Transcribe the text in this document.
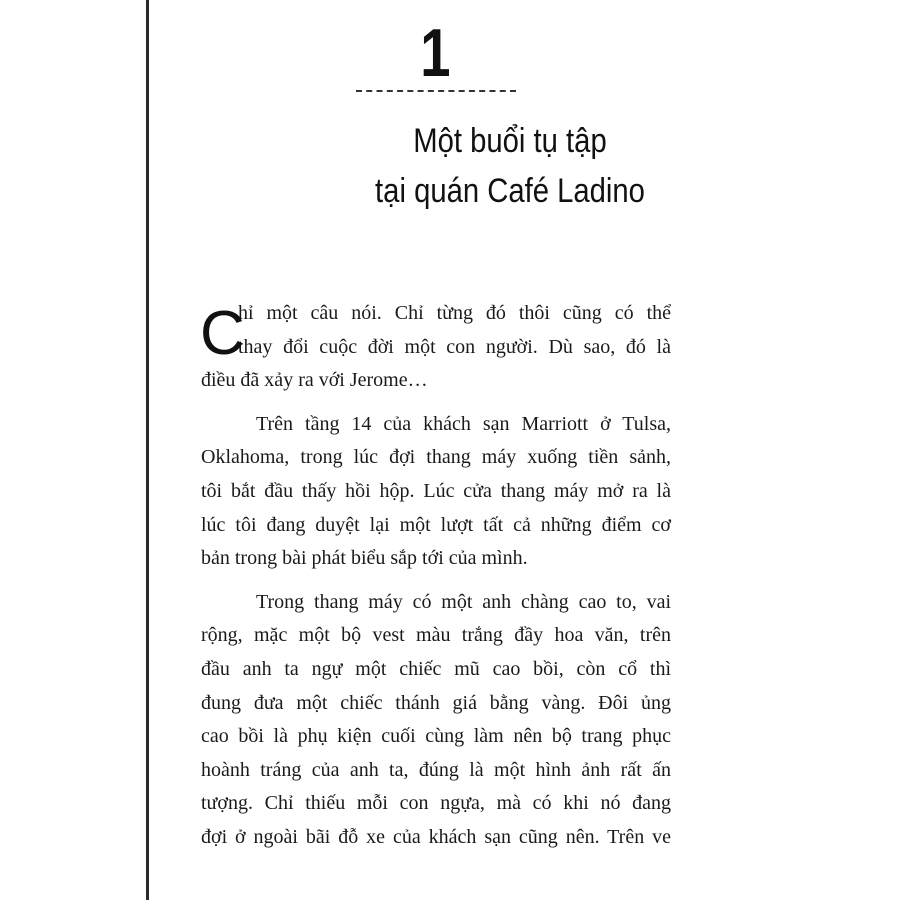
1
Một buổi tụ tập
tại quán Café Ladino
C
hỉ một câu nói. Chỉ từng đó thôi cũng có thể
thay đổi cuộc đời một con người. Dù sao, đó là
điều đã xảy ra với Jerome…
Trên tầng 14 của khách sạn Marriott ở Tulsa,
Oklahoma, trong lúc đợi thang máy xuống tiền sảnh,
tôi bắt đầu thấy hồi hộp. Lúc cửa thang máy mở ra là
lúc tôi đang duyệt lại một lượt tất cả những điểm cơ
bản trong bài phát biểu sắp tới của mình.
Trong thang máy có một anh chàng cao to, vai
rộng, mặc một bộ vest màu trắng đầy hoa văn, trên
đầu anh ta ngự một chiếc mũ cao bồi, còn cổ thì
đung đưa một chiếc thánh giá bằng vàng. Đôi ủng
cao bồi là phụ kiện cuối cùng làm nên bộ trang phục
hoành tráng của anh ta, đúng là một hình ảnh rất ấn
tượng. Chỉ thiếu mỗi con ngựa, mà có khi nó đang
đợi ở ngoài bãi đỗ xe của khách sạn cũng nên. Trên ve
